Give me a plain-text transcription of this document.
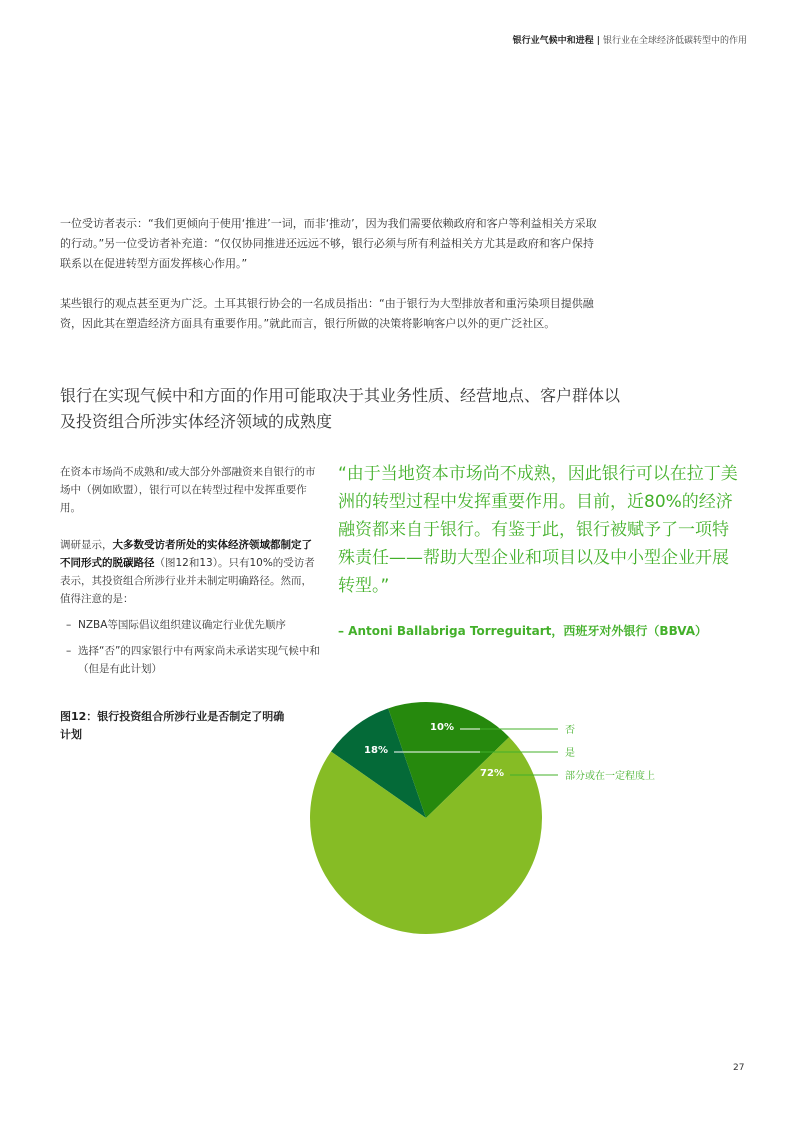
银行业气候中和进程 | 银行业在全球经济低碳转型中的作用

一位受访者表示：“我们更倾向于使用‘推进’一词，而非‘推动’，因为我们需要依赖政府和客户等利益相关方采取的行动。”另一位受访者补充道：“仅仅协同推进还远远不够，银行必须与所有利益相关方尤其是政府和客户保持联系以在促进转型方面发挥核心作用。”

某些银行的观点甚至更为广泛。土耳其银行协会的一名成员指出：“由于银行为大型排放者和重污染项目提供融资，因此其在塑造经济方面具有重要作用。”就此而言，银行所做的决策将影响客户以外的更广泛社区。

银行在实现气候中和方面的作用可能取决于其业务性质、经营地点、客户群体以及投资组合所涉实体经济领域的成熟度

在资本市场尚不成熟和/或大部分外部融资来自银行的市场中（例如欧盟），银行可以在转型过程中发挥重要作用。

调研显示，大多数受访者所处的实体经济领域都制定了不同形式的脱碳路径（图12和13）。只有10%的受访者表示，其投资组合所涉行业并未制定明确路径。然而，值得注意的是：

– NZBA等国际倡议组织建议确定行业优先顺序
– 选择“否”的四家银行中有两家尚未承诺实现气候中和（但是有此计划）

“由于当地资本市场尚不成熟，因此银行可以在拉丁美洲的转型过程中发挥重要作用。目前，近80%的经济融资都来自于银行。有鉴于此，银行被赋予了一项特殊责任——帮助大型企业和项目以及中小型企业开展转型。”

– Antoni Ballabriga Torreguitart，西班牙对外银行（BBVA）
图12：银行投资组合所涉行业是否制定了明确计划
10%	否
18%	是
72%	部分或在一定程度上
27
